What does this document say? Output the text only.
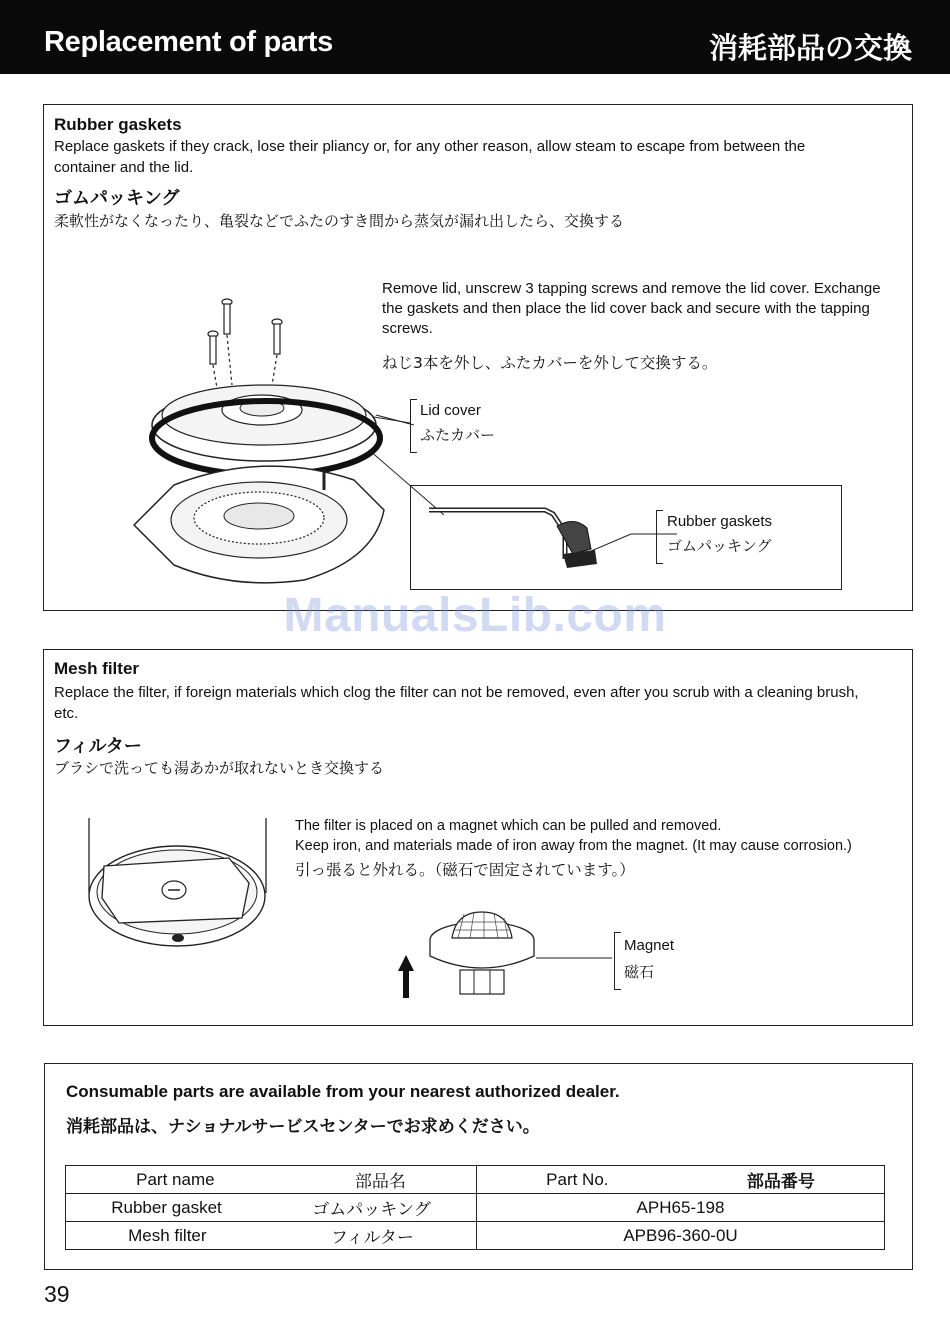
Replacement of parts	消耗部品の交換
Rubber gaskets
Replace gaskets if they crack, lose their pliancy or, for any other reason, allow steam to escape from between the container and the lid.
ゴムパッキング
柔軟性がなくなったり、亀裂などでふたのすき間から蒸気が漏れ出したら、交換する
Remove lid, unscrew 3 tapping screws and remove the lid cover. Exchange the gaskets and then place the lid cover back and secure with the tapping screws.
ねじ3本を外し、ふたカバーを外して交換する。
Lid cover
ふたカバー
Rubber gaskets
ゴムパッキング
ManualsLib.com
Mesh filter
Replace the filter, if foreign materials which clog the filter can not be removed, even after you scrub with a cleaning brush, etc.
フィルター
ブラシで洗っても湯あかが取れないとき交換する
The filter is placed on a magnet which can be pulled and removed.
Keep iron, and materials made of iron away from the magnet. (It may cause corrosion.)
引っ張ると外れる。（磁石で固定されています。）
Magnet
磁石
Consumable parts are available from your nearest authorized dealer.
消耗部品は、ナショナルサービスセンターでお求めください。
Part name 部品名	Part No. 部品番号

Rubber gasket ゴムパッキング	APH65-198

Mesh filter フィルター	APB96-360-0U
39
